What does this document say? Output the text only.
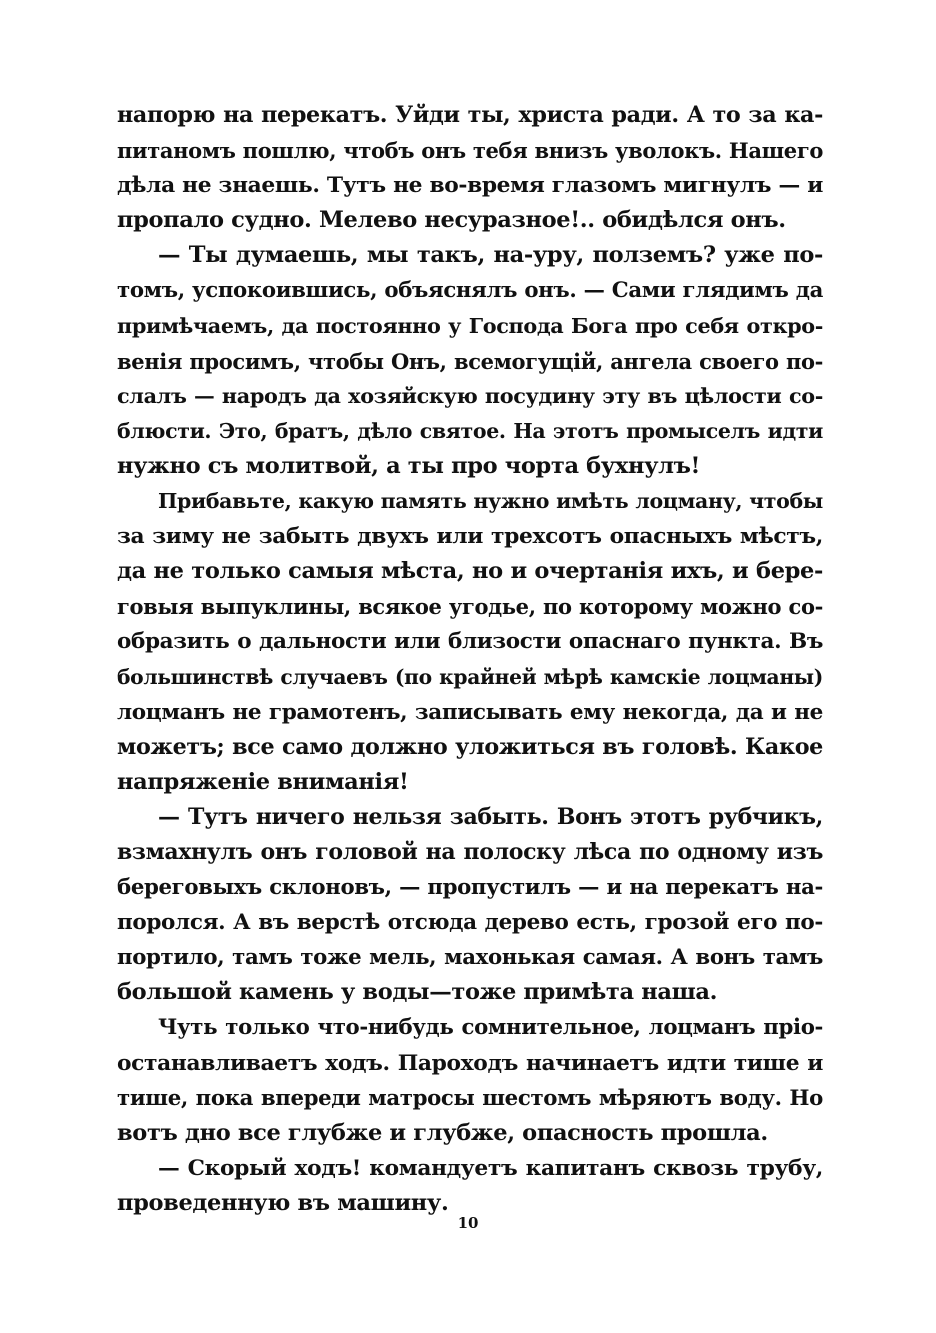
напорю на перекатъ. Уйди ты, христа ради. А то за ка-
питаномъ пошлю, чтобъ онъ тебя внизъ уволокъ. Нашего
дѣла не знаешь. Тутъ не во-время глазомъ мигнулъ — и
пропало судно. Мелево несуразное!.. обидѣлся онъ.
— Ты думаешь, мы такъ, на-уру, полземъ? уже по-
томъ, успокоившись, объяснялъ онъ. — Сами глядимъ да
примѣчаемъ, да постоянно у Господа Бога про себя откро-
венія просимъ, чтобы Онъ, всемогущій, ангела своего по-
слалъ — народъ да хозяйскую посудину эту въ цѣлости со-
блюсти. Это, братъ, дѣло святое. На этотъ промыселъ идти
нужно съ молитвой, а ты про чорта бухнулъ!
Прибавьте, какую память нужно имѣть лоцману, чтобы
за зиму не забыть двухъ или трехсотъ опасныхъ мѣстъ,
да не только самыя мѣста, но и очертанія ихъ, и бере-
говыя выпуклины, всякое угодье, по которому можно со-
образить о дальности или близости опаснаго пункта. Въ
большинствѣ случаевъ (по крайней мѣрѣ камскіе лоцманы)
лоцманъ не грамотенъ, записывать ему некогда, да и не
можетъ; все само должно уложиться въ головѣ. Какое
напряженіе вниманія!
— Тутъ ничего нельзя забыть. Вонъ этотъ рубчикъ,
взмахнулъ онъ головой на полоску лѣса по одному изъ
береговыхъ склоновъ, — пропустилъ — и на перекатъ на-
поролся. А въ верстѣ отсюда дерево есть, грозой его по-
портило, тамъ тоже мель, махонькая самая. А вонъ тамъ
большой камень у воды—тоже примѣта наша.
Чуть только что-нибудь сомнительное, лоцманъ пріо-
останавливаетъ ходъ. Пароходъ начинаетъ идти тише и
тише, пока впереди матросы шестомъ мѣряютъ воду. Но
вотъ дно все глубже и глубже, опасность прошла.
— Скорый ходъ! командуетъ капитанъ сквозь трубу,
проведенную въ машину.
10
